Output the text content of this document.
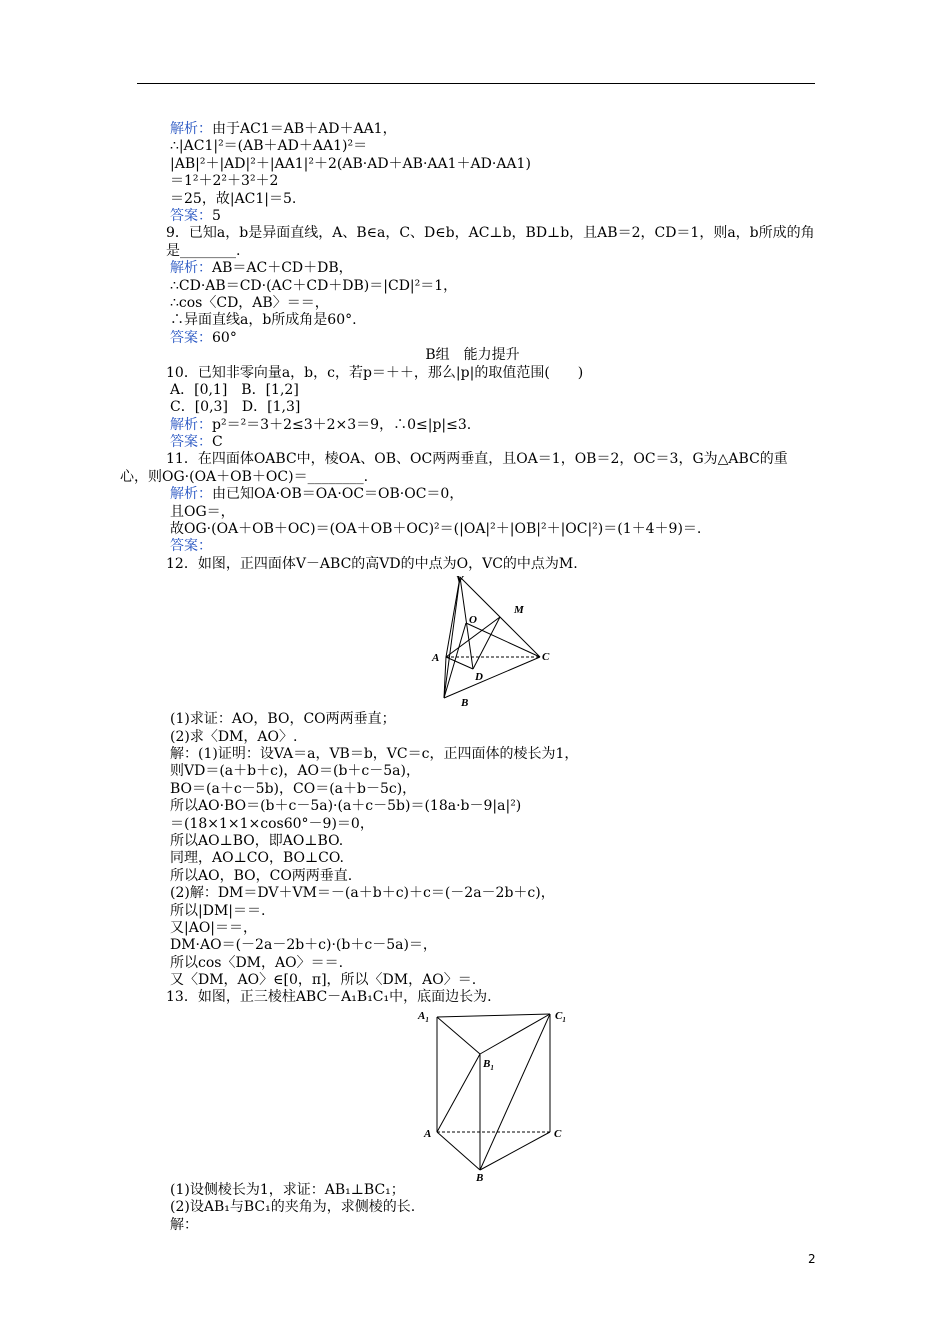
解析：由于AC1＝AB＋AD＋AA1，
∴|AC1|²＝(AB＋AD＋AA1)²＝
|AB|²＋|AD|²＋|AA1|²＋2(AB·AD＋AB·AA1＋AD·AA1)
＝1²＋2²＋3²＋2
＝25，故|AC1|＝5.
答案：5
9．已知a，b是异面直线，A、B∈a，C、D∈b，AC⊥b，BD⊥b，且AB＝2，CD＝1，则a，b所成的角是________.
解析：AB＝AC＋CD＋DB，
∴CD·AB＝CD·(AC＋CD＋DB)＝|CD|²＝1，
∴cos〈CD，AB〉＝＝，
∴异面直线a，b所成角是60°.
答案：60°
B组　能力提升
10．已知非零向量a，b，c，若p＝＋＋，那么|p|的取值范围(　　)
A．[0,1]　B．[1,2]
C．[0,3]　D．[1,3]
解析：p²＝²＝3＋2≤3＋2×3＝9，∴0≤|p|≤3.
答案：C
11．在四面体OABC中，棱OA、OB、OC两两垂直，且OA＝1，OB＝2，OC＝3，G为△ABC的重心，则OG·(OA＋OB＋OC)＝________.
解析：由已知OA·OB＝OA·OC＝OB·OC＝0，
且OG＝，
故OG·(OA＋OB＋OC)＝(OA＋OB＋OC)²＝(|OA|²＋|OB|²＋|OC|²)＝(1＋4＋9)＝.
答案：
12．如图，正四面体V－ABC的高VD的中点为O，VC的中点为M.
V
O
M
A	C
D
B
(1)求证：AO，BO，CO两两垂直；
(2)求〈DM，AO〉.
解：(1)证明：设VA＝a，VB＝b，VC＝c，正四面体的棱长为1，
则VD＝(a＋b＋c)，AO＝(b＋c－5a)，
BO＝(a＋c－5b)，CO＝(a＋b－5c)，
所以AO·BO＝(b＋c－5a)·(a＋c－5b)＝(18a·b－9|a|²)
＝(18×1×1×cos60°－9)＝0，
所以AO⊥BO，即AO⊥BO.
同理，AO⊥CO，BO⊥CO.
所以AO，BO，CO两两垂直.
(2)解：DM＝DV＋VM＝－(a＋b＋c)＋c＝(－2a－2b＋c)，
所以|DM|＝＝.
又|AO|＝＝，
DM·AO＝(－2a－2b＋c)·(b＋c－5a)＝，
所以cos〈DM，AO〉＝＝.
又〈DM，AO〉∈[0，π]，所以〈DM，AO〉＝.
13．如图，正三棱柱ABC－A₁B₁C₁中，底面边长为.
$A_1$	$C_1$
$B_1$
A	C
B
(1)设侧棱长为1，求证：AB₁⊥BC₁；
(2)设AB₁与BC₁的夹角为，求侧棱的长.
解：
2
